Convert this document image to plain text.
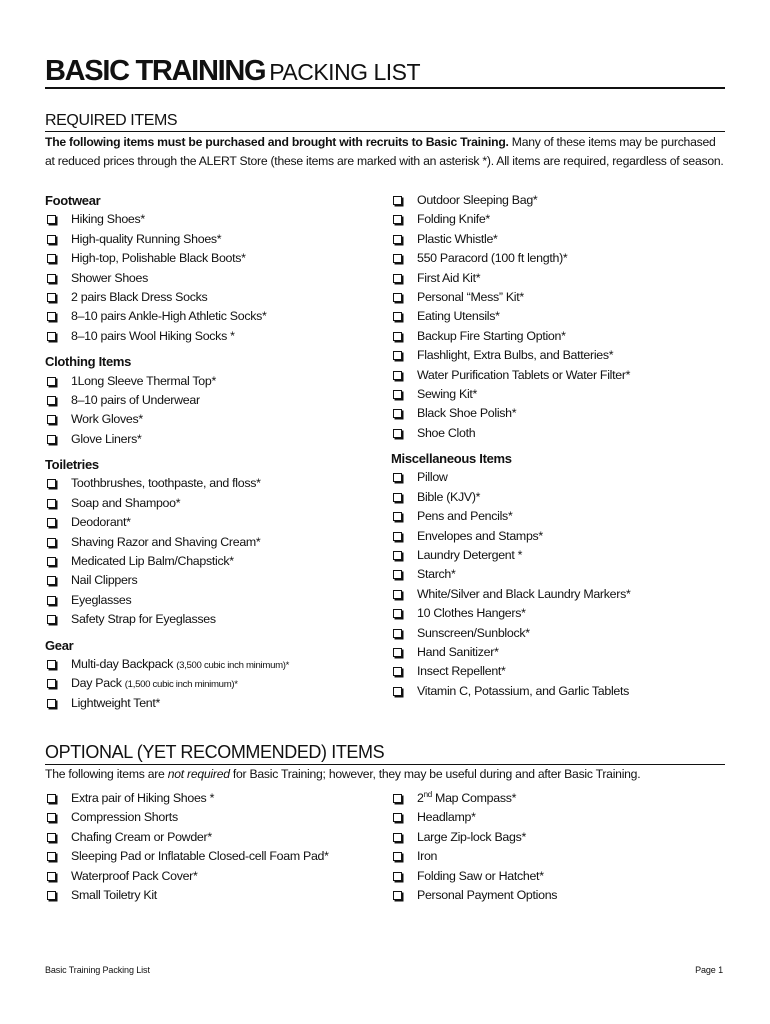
BASIC TRAINING PACKING LIST
REQUIRED ITEMS
The following items must be purchased and brought with recruits to Basic Training. Many of these items may be purchased at reduced prices through the ALERT Store (these items are marked with an asterisk *). All items are required, regardless of season.
Footwear
Hiking Shoes*
High-quality Running Shoes*
High-top, Polishable Black Boots*
Shower Shoes
2 pairs Black Dress Socks
8–10 pairs Ankle-High Athletic Socks*
8–10 pairs Wool Hiking Socks *
Clothing Items
1Long Sleeve Thermal Top*
8–10 pairs of Underwear
Work Gloves*
Glove Liners*
Toiletries
Toothbrushes, toothpaste, and floss*
Soap and Shampoo*
Deodorant*
Shaving Razor and Shaving Cream*
Medicated Lip Balm/Chapstick*
Nail Clippers
Eyeglasses
Safety Strap for Eyeglasses
Gear
Multi-day Backpack (3,500 cubic inch minimum)*
Day Pack (1,500 cubic inch minimum)*
Lightweight Tent*
Outdoor Sleeping Bag*
Folding Knife*
Plastic Whistle*
550 Paracord (100 ft length)*
First Aid Kit*
Personal “Mess” Kit*
Eating Utensils*
Backup Fire Starting Option*
Flashlight, Extra Bulbs, and Batteries*
Water Purification Tablets or Water Filter*
Sewing Kit*
Black Shoe Polish*
Shoe Cloth
Miscellaneous Items
Pillow
Bible (KJV)*
Pens and Pencils*
Envelopes and Stamps*
Laundry Detergent *
Starch*
White/Silver and Black Laundry Markers*
10 Clothes Hangers*
Sunscreen/Sunblock*
Hand Sanitizer*
Insect Repellent*
Vitamin C, Potassium, and Garlic Tablets
OPTIONAL (YET RECOMMENDED) ITEMS
The following items are not required for Basic Training; however, they may be useful during and after Basic Training.
Extra pair of Hiking Shoes *
Compression Shorts
Chafing Cream or Powder*
Sleeping Pad or Inflatable Closed-cell Foam Pad*
Waterproof Pack Cover*
Small Toiletry Kit
2nd Map Compass*
Headlamp*
Large Zip-lock Bags*
Iron
Folding Saw or Hatchet*
Personal Payment Options
Basic Training Packing List	Page 1
